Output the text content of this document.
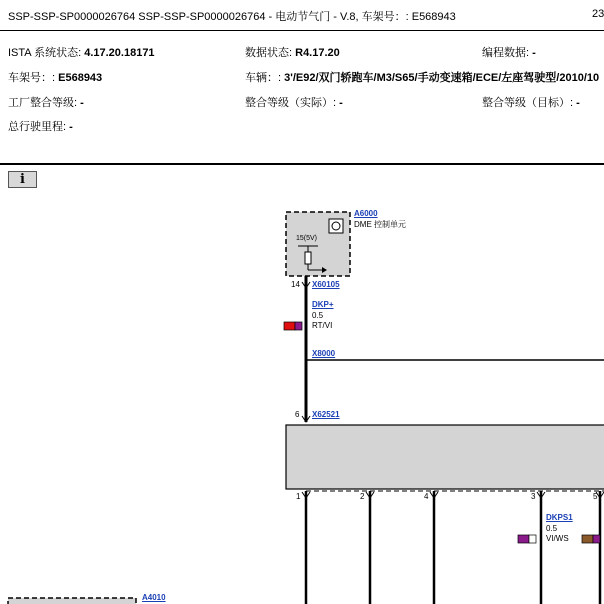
SSP-SSP-SP0000026764 SSP-SSP-SP0000026764 - 电动节气门 - V.8, 车架号：: E568943	23
ISTA 系统状态: 4.17.20.18171	数据状态: R4.17.20	编程数据: -
车架号：: E568943	车辆：: 3'/E92/双门轿跑车/M3/S65/手动变速箱/ECE/左座驾驶型/2010/10
工厂整合等级: -	整合等级（实际）: -	整合等级（目标）: -
总行驶里程: -
i
A6000
DME 控制单元
15(5V)
14 X60105
DKP+
0.5
RT/VI
X8000
6 X62521
1	2	4	3	5
DKPS1
0.5
VI/WS
A4010
